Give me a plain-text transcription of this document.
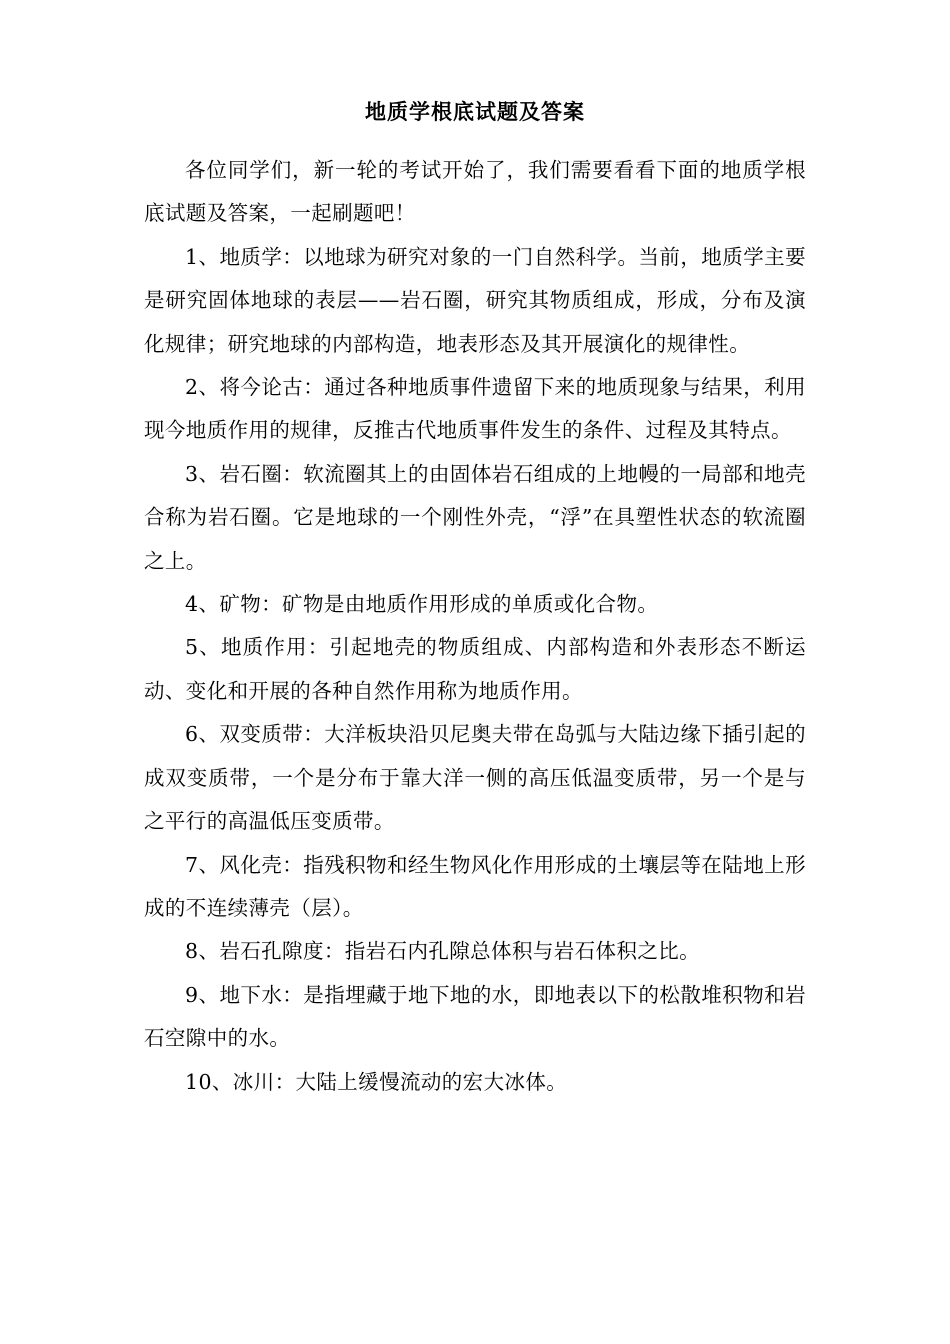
地质学根底试题及答案

各位同学们，新一轮的考试开始了，我们需要看看下面的地质学根底试题及答案，一起刷题吧！

1、地质学：以地球为研究对象的一门自然科学。当前，地质学主要是研究固体地球的表层——岩石圈，研究其物质组成，形成，分布及演化规律；研究地球的内部构造，地表形态及其开展演化的规律性。

2、将今论古：通过各种地质事件遗留下来的地质现象与结果，利用现今地质作用的规律，反推古代地质事件发生的条件、过程及其特点。

3、岩石圈：软流圈其上的由固体岩石组成的上地幔的一局部和地壳合称为岩石圈。它是地球的一个刚性外壳，“浮”在具塑性状态的软流圈之上。

4、矿物：矿物是由地质作用形成的单质或化合物。

5、地质作用：引起地壳的物质组成、内部构造和外表形态不断运动、变化和开展的各种自然作用称为地质作用。

6、双变质带：大洋板块沿贝尼奥夫带在岛弧与大陆边缘下插引起的成双变质带，一个是分布于靠大洋一侧的高压低温变质带，另一个是与之平行的高温低压变质带。

7、风化壳：指残积物和经生物风化作用形成的土壤层等在陆地上形成的不连续薄壳（层）。

8、岩石孔隙度：指岩石内孔隙总体积与岩石体积之比。

9、地下水：是指埋藏于地下地的水，即地表以下的松散堆积物和岩石空隙中的水。

10、冰川：大陆上缓慢流动的宏大冰体。
